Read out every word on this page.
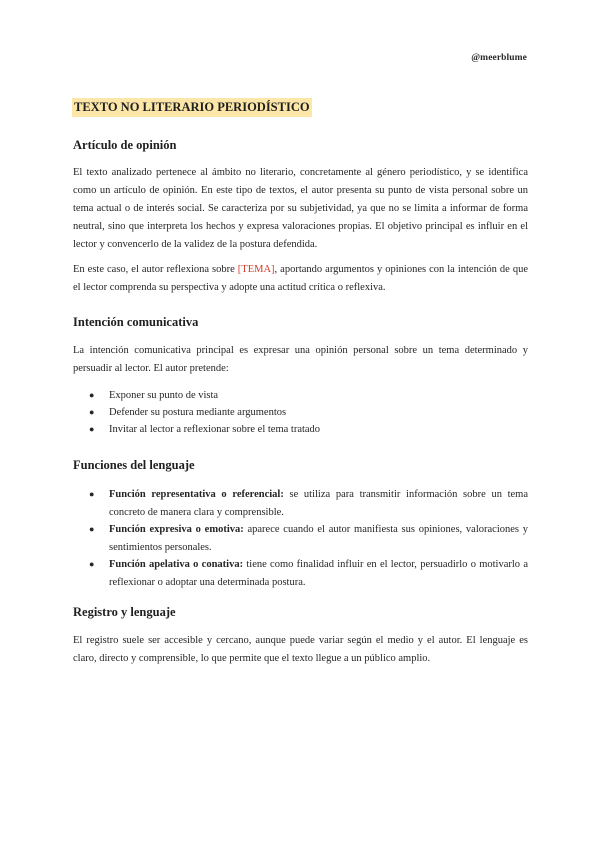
@meerblume
TEXTO NO LITERARIO PERIODÍSTICO
Artículo de opinión
El texto analizado pertenece al ámbito no literario, concretamente al género periodístico, y se identifica como un artículo de opinión. En este tipo de textos, el autor presenta su punto de vista personal sobre un tema actual o de interés social. Se caracteriza por su subjetividad, ya que no se limita a informar de forma neutral, sino que interpreta los hechos y expresa valoraciones propias. El objetivo principal es influir en el lector y convencerlo de la validez de la postura defendida.
En este caso, el autor reflexiona sobre [TEMA], aportando argumentos y opiniones con la intención de que el lector comprenda su perspectiva y adopte una actitud crítica o reflexiva.
Intención comunicativa
La intención comunicativa principal es expresar una opinión personal sobre un tema determinado y persuadir al lector. El autor pretende:
● Exponer su punto de vista
● Defender su postura mediante argumentos
● Invitar al lector a reflexionar sobre el tema tratado
Funciones del lenguaje
● Función representativa o referencial: se utiliza para transmitir información sobre un tema concreto de manera clara y comprensible.
● Función expresiva o emotiva: aparece cuando el autor manifiesta sus opiniones, valoraciones y sentimientos personales.
● Función apelativa o conativa: tiene como finalidad influir en el lector, persuadirlo o motivarlo a reflexionar o adoptar una determinada postura.
Registro y lenguaje
El registro suele ser accesible y cercano, aunque puede variar según el medio y el autor. El lenguaje es claro, directo y comprensible, lo que permite que el texto llegue a un público amplio.
